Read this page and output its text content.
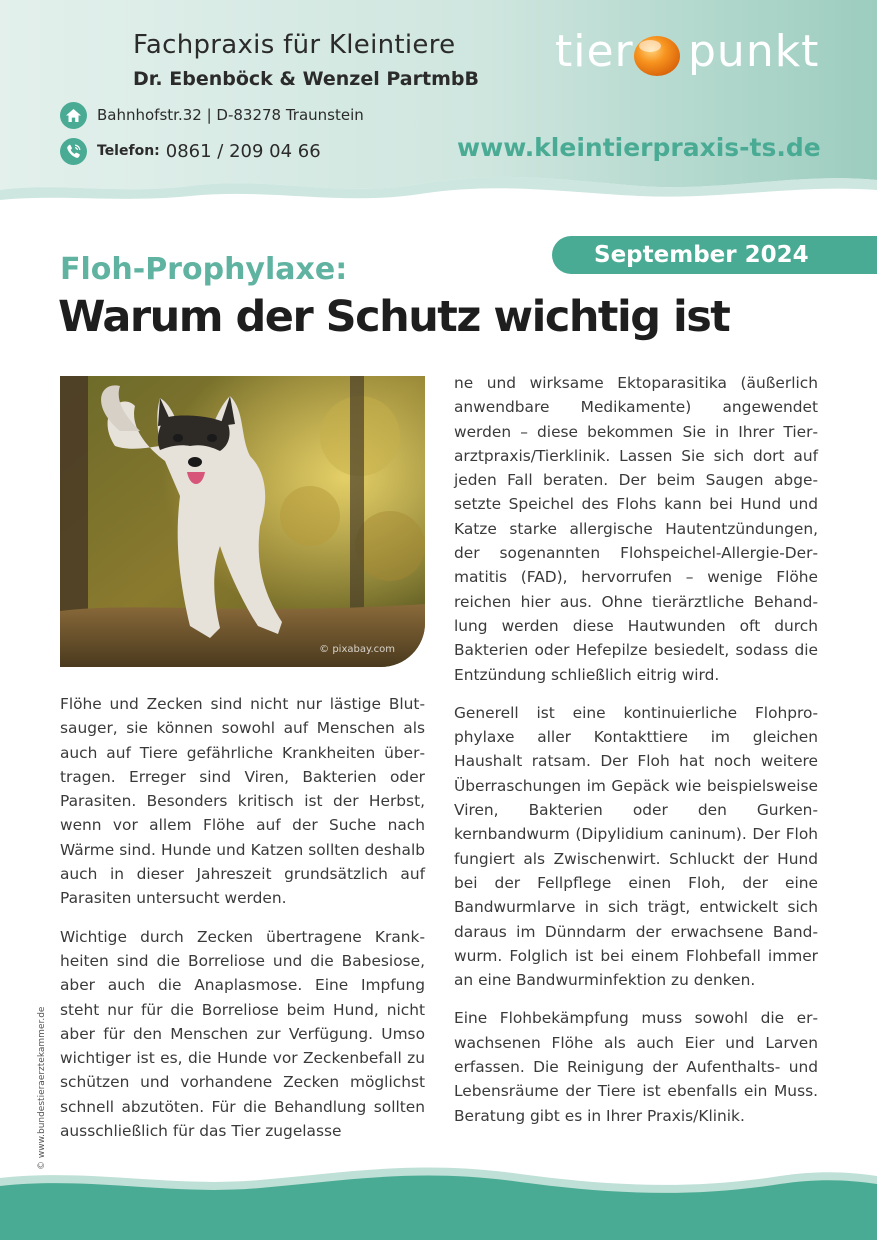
Fachpraxis für Kleintiere
Dr. Ebenböck & Wenzel PartmbB
Bahnhofstr.32 | D-83278 Traunstein
Telefon: 0861 / 209 04 66
tier punkt
www.kleintierpraxis-ts.de
September 2024
Floh-Prophylaxe:
Warum der Schutz wichtig ist
© pixabay.com
© www.bundestieraerztekammer.de

Flöhe und Zecken sind nicht nur lästige Blutsauger, sie können sowohl auf Menschen als auch auf Tiere gefährliche Krankheiten übertragen. Erreger sind Viren, Bakterien oder Parasiten. Besonders kritisch ist der Herbst, wenn vor allem Flöhe auf der Suche nach Wärme sind. Hunde und Katzen sollten deshalb auch in dieser Jahreszeit grundsätzlich auf Parasiten untersucht werden.

Wichtige durch Zecken übertragene Krankheiten sind die Borreliose und die Babesiose, aber auch die Anaplasmose. Eine Impfung steht nur für die Borreliose beim Hund, nicht aber für den Menschen zur Verfügung. Umso wichtiger ist es, die Hunde vor Zeckenbefall zu schützen und vorhandene Zecken möglichst schnell abzutöten. Für die Behandlung sollten ausschließlich für das Tier zugelasse

ne und wirksame Ektoparasitika (äußerlich anwendbare Medikamente) angewendet werden – diese bekommen Sie in Ihrer Tierarztpraxis/Tierklinik. Lassen Sie sich dort auf jeden Fall beraten. Der beim Saugen abgesetzte Speichel des Flohs kann bei Hund und Katze starke allergische Hautentzündungen, der sogenannten Flohspeichel-Allergie-Dermatitis (FAD), hervorrufen – wenige Flöhe reichen hier aus. Ohne tierärztliche Behandlung werden diese Hautwunden oft durch Bakterien oder Hefepilze besiedelt, sodass die Entzündung schließlich eitrig wird.

Generell ist eine kontinuierliche Flohprophylaxe aller Kontakttiere im gleichen Haushalt ratsam. Der Floh hat noch weitere Überraschungen im Gepäck wie beispielsweise Viren, Bakterien oder den Gurkenkernbandwurm (Dipylidium caninum). Der Floh fungiert als Zwischenwirt. Schluckt der Hund bei der Fellpflege einen Floh, der eine Bandwurmlarve in sich trägt, entwickelt sich daraus im Dünndarm der erwachsene Bandwurm. Folglich ist bei einem Flohbefall immer an eine Bandwurminfektion zu denken.

Eine Flohbekämpfung muss sowohl die erwachsenen Flöhe als auch Eier und Larven erfassen. Die Reinigung der Aufenthalts- und Lebensräume der Tiere ist ebenfalls ein Muss. Beratung gibt es in Ihrer Praxis/Klinik.
